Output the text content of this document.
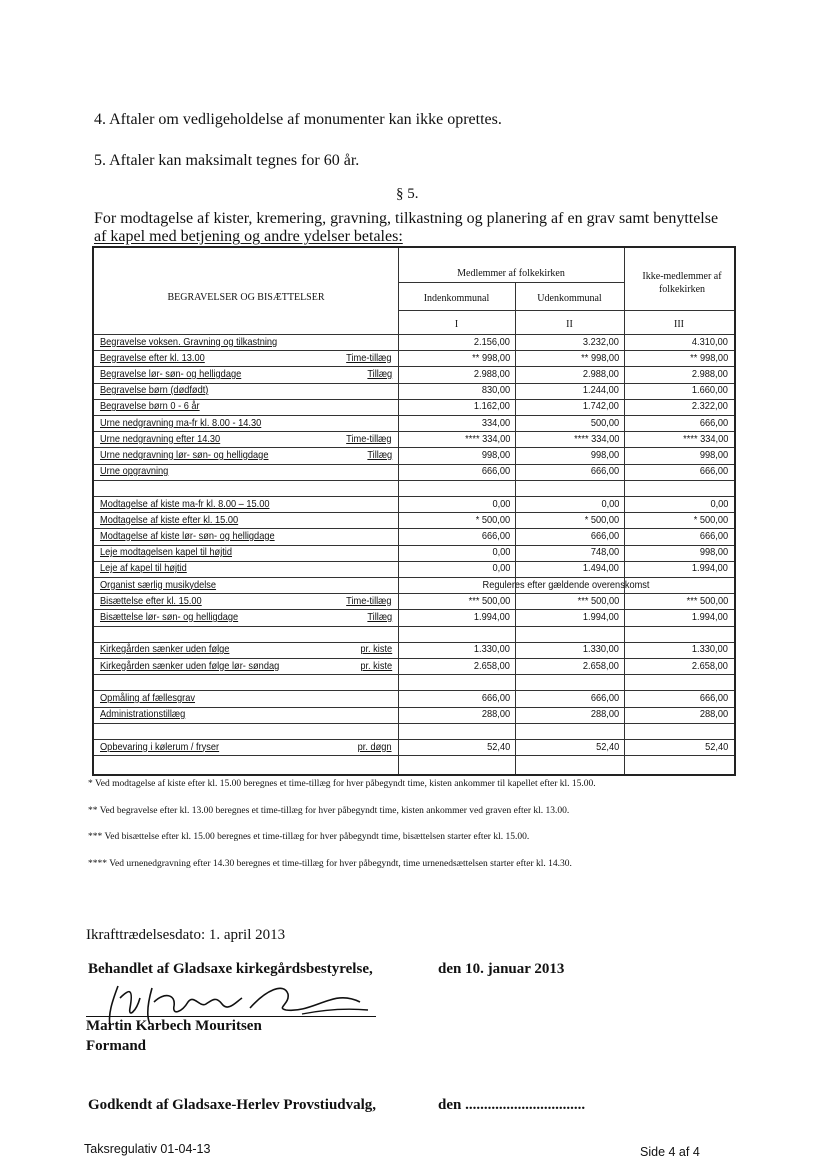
4. Aftaler om vedligeholdelse af monumenter kan ikke oprettes.
5. Aftaler kan maksimalt tegnes for 60 år.
§ 5.
For modtagelse af kister, kremering, gravning, tilkastning og planering af en grav samt benyttelse
af kapel med betjening og andre ydelser betales:
BEGRAVELSER OG BISÆTTELSER
Medlemmer af folkekirken	Ikke-medlemmer af folkekirken
Indenkommunal	Udenkommunal
I	II	III
Begravelse voksen. Gravning og tilkastning	2.156,00	3.232,00	4.310,00
Begravelse efter kl. 13.00	Time-tillæg	** 998,00	** 998,00	** 998,00
Begravelse lør- søn- og helligdage	Tillæg	2.988,00	2.988,00	2.988,00
Begravelse børn (dødfødt)	830,00	1.244,00	1.660,00
Begravelse børn 0 - 6 år	1.162,00	1.742,00	2.322,00
Urne nedgravning ma-fr kl. 8.00 - 14.30	334,00	500,00	666,00
Urne nedgravning efter 14.30	Time-tillæg	**** 334,00	**** 334,00	**** 334,00
Urne nedgravning lør- søn- og helligdage	Tillæg	998,00	998,00	998,00
Urne opgravning	666,00	666,00	666,00
Modtagelse af kiste ma-fr kl. 8.00 – 15.00	0,00	0,00	0,00
Modtagelse af kiste efter kl. 15.00	* 500,00	* 500,00	* 500,00
Modtagelse af kiste lør- søn- og helligdage	666,00	666,00	666,00
Leje modtagelsen kapel til højtid	0,00	748,00	998,00
Leje af kapel til højtid	0,00	1.494,00	1.994,00
Organist særlig musikydelse	Reguleres efter gældende overenskomst
Bisættelse efter kl. 15.00	Time-tillæg	*** 500,00	*** 500,00	*** 500,00
Bisættelse lør- søn- og helligdage	Tillæg	1.994,00	1.994,00	1.994,00
Kirkegården sænker uden følge	pr. kiste	1.330,00	1.330,00	1.330,00
Kirkegården sænker uden følge lør- søndag	pr. kiste	2.658,00	2.658,00	2.658,00
Opmåling af fællesgrav	666,00	666,00	666,00
Administrationstillæg	288,00	288,00	288,00
Opbevaring i kølerum / fryser	pr. døgn	52,40	52,40	52,40
* Ved modtagelse af kiste efter kl. 15.00 beregnes et time-tillæg for hver påbegyndt time, kisten ankommer til kapellet efter kl. 15.00.
** Ved begravelse efter kl. 13.00 beregnes et time-tillæg for hver påbegyndt time, kisten ankommer ved graven efter kl. 13.00.
*** Ved bisættelse efter kl. 15.00 beregnes et time-tillæg for hver påbegyndt time, bisættelsen starter efter kl. 15.00.
**** Ved urnenedgravning efter 14.30 beregnes et time-tillæg for hver påbegyndt, time urnenedsættelsen starter efter kl. 14.30.
Ikrafttrædelsesdato: 1. april 2013
Behandlet af Gladsaxe kirkegårdsbestyrelse,	den 10. januar 2013
Martin Karbech Mouritsen
Formand
Godkendt af Gladsaxe-Herlev Provstiudvalg,	den ................................
Taksregulativ 01-04-13	Side 4 af 4
